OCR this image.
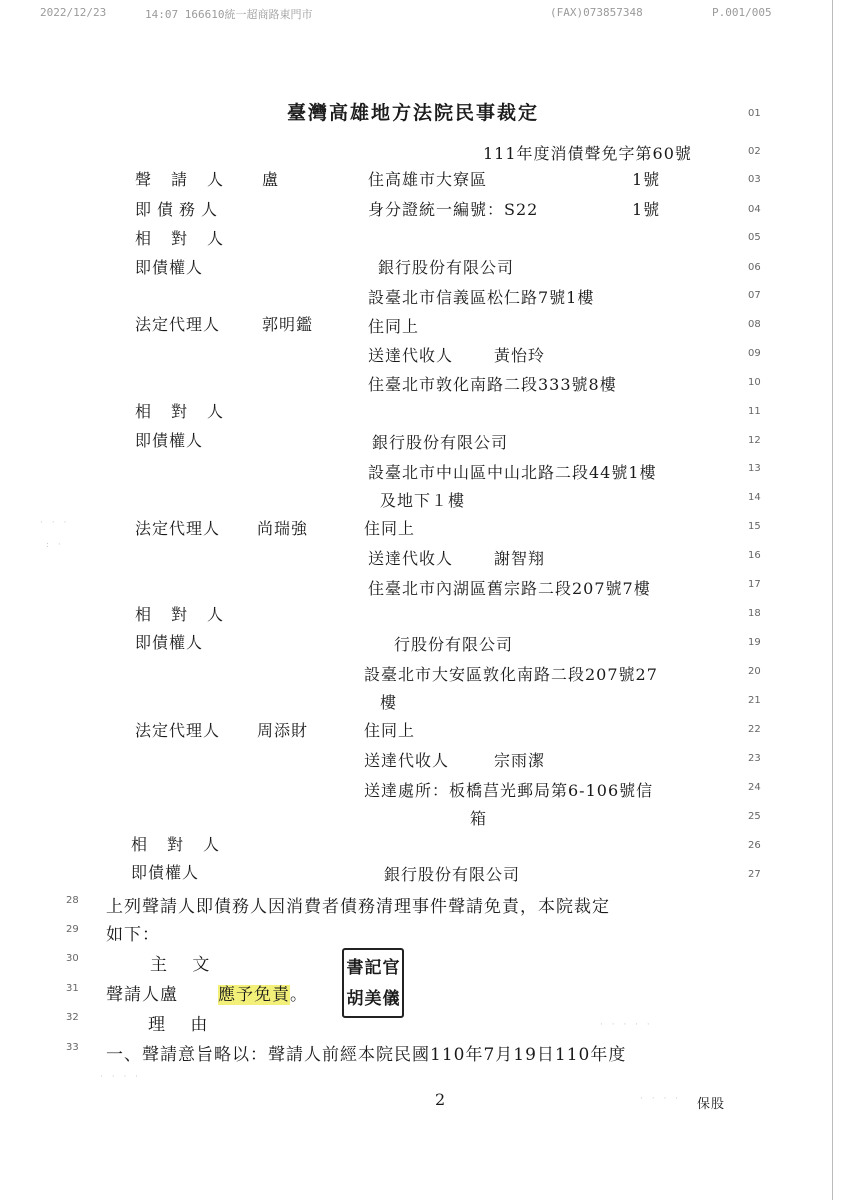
2022/12/23	14:07 166610統一超商路東門市	(FAX)073857348	P.001/005
臺灣高雄地方法院民事裁定
111年度消債聲免字第60號
01
02
03
04
05
06
07
08
09
10
11
12
13
14
15
16
17
18
19
20
21
22
23
24
25
26
27
28
29
30
31
32
33
聲請人 盧	住高雄市大寮區	1號
即債務人	身分證統一編號：S22	1號
相對人
即債權人	銀行股份有限公司
設臺北市信義區松仁路7號1樓
法定代理人	郭明鑑	住同上
送達代收人	黃怡玲
住臺北市敦化南路二段333號8樓
相對人
即債權人	銀行股份有限公司
設臺北市中山區中山北路二段44號1樓
及地下１樓
法定代理人 尚瑞強	住同上
送達代收人	謝智翔
住臺北市內湖區舊宗路二段207號7樓
相對人
即債權人	行股份有限公司
設臺北市大安區敦化南路二段207號27
樓
法定代理人 周添財	住同上
送達代收人	宗雨潔
送達處所：板橋莒光郵局第6-106號信
箱
相對人
即債權人	銀行股份有限公司
上列聲請人即債務人因消費者債務清理事件聲請免責，本院裁定
如下：
主 文
聲請人盧 應予免責。
理 由
一、聲請意旨略以：聲請人前經本院民國110年7月19日110年度
書 記 官
胡 美 儀
2	保股
· · ·
: ·
· · · ·
· · · · ·
· · · ·
